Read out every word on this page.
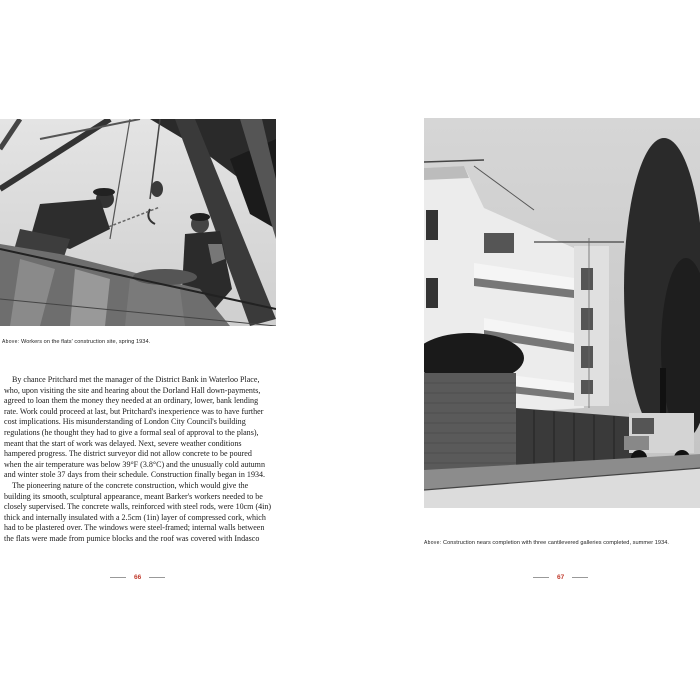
Above: Workers on the flats' construction site, spring 1934.
By chance Pritchard met the manager of the District Bank in Waterloo Place,
who, upon visiting the site and hearing about the Dorland Hall down-payments,
agreed to loan them the money they needed at an ordinary, lower, bank lending
rate. Work could proceed at last, but Pritchard's inexperience was to have further
cost implications. His misunderstanding of London City Council's building
regulations (he thought they had to give a formal seal of approval to the plans),
meant that the start of work was delayed. Next, severe weather conditions
hampered progress. The district surveyor did not allow concrete to be poured
when the air temperature was below 39°F (3.8°C) and the unusually cold autumn
and winter stole 37 days from their schedule. Construction finally began in 1934.
The pioneering nature of the concrete construction, which would give the
building its smooth, sculptural appearance, meant Barker's workers needed to be
closely supervised. The concrete walls, reinforced with steel rods, were 10cm (4in)
thick and internally insulated with a 2.5cm (1in) layer of compressed cork, which
had to be plastered over. The windows were steel-framed; internal walls between
the flats were made from pumice blocks and the roof was covered with Indasco
66
Above: Construction nears completion with three cantilevered galleries completed, summer 1934.
67
